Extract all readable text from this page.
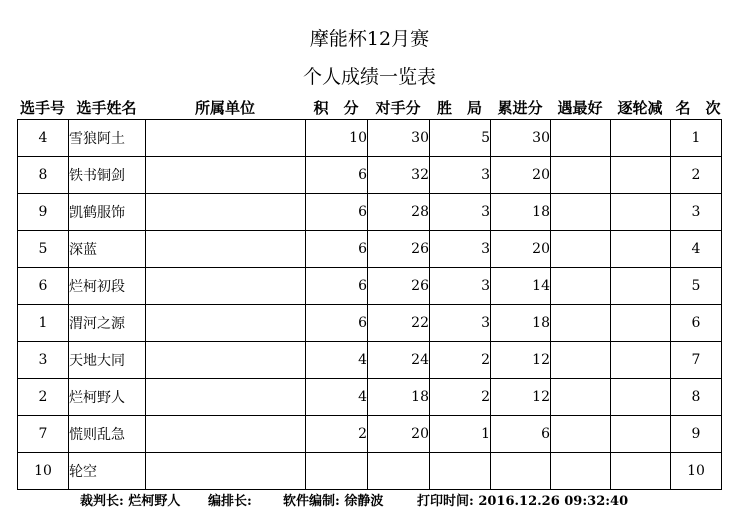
摩能杯12月赛
个人成绩一览表
选手号 选手姓名	所属单位	积　分	对手分	胜　局	累进分 遇最好 逐轮减 名　次
4	雪狼阿土		10	30	5	30			1
8	铁书铜剑		6	32	3	20			2
9	凯鹤服饰		6	28	3	18			3
5	深蓝		6	26	3	20			4
6	烂柯初段		6	26	3	14			5
1	渭河之源		6	22	3	18			6
3	天地大同		4	24	2	12			7
2	烂柯野人		4	18	2	12			8
7	慌则乱急		2	20	1	6			9
10	轮空								10
裁判长: 烂柯野人 编排长: 软件编制: 徐静波	打印时间: 2016.12.26 09:32:40
